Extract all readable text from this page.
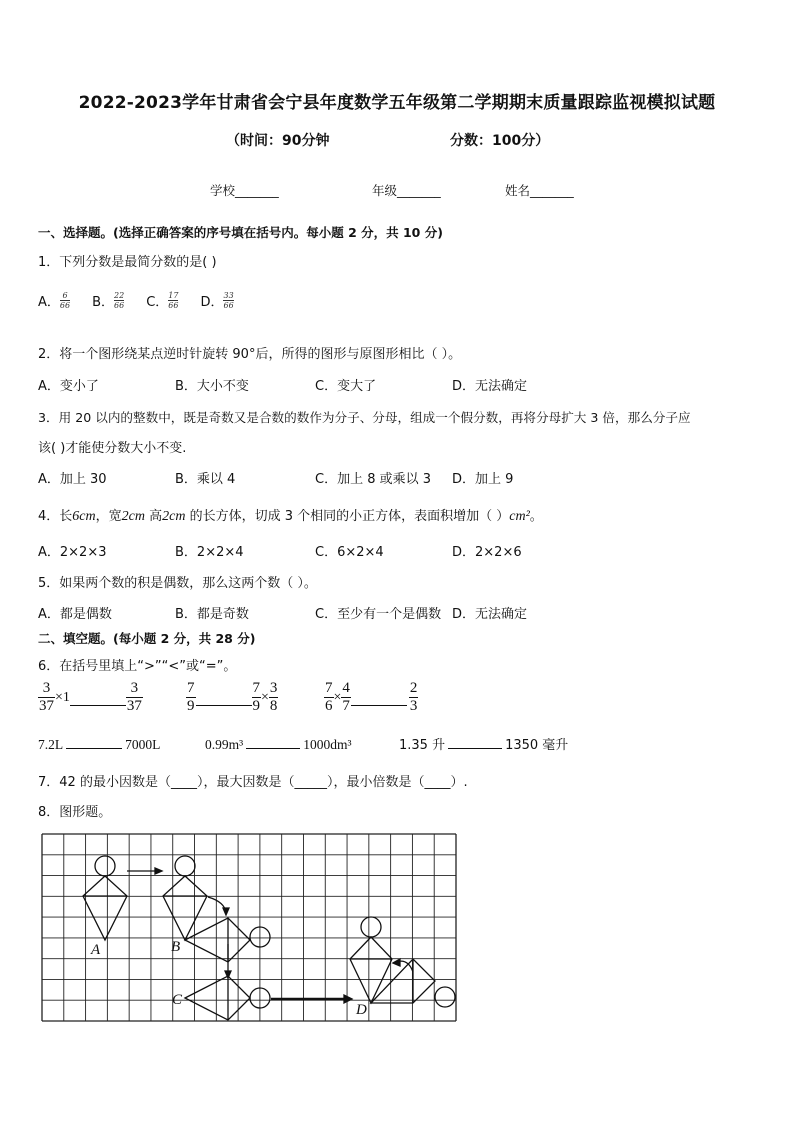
2022-2023学年甘肃省会宁县年度数学五年级第二学期期末质量跟踪监视模拟试题
（时间：90分钟	分数：100分）
学校_______	年级_______	姓名_______
一、选择题。(选择正确答案的序号填在括号内。每小题 2 分，共 10 分)
1．下列分数是最简分数的是( )
A． $\frac{6}{66}$ B． $\frac{22}{66}$ C． $\frac{17}{66}$ D． $\frac{33}{66}$
2．将一个图形绕某点逆时针旋转 90°后，所得的图形与原图形相比（ ）。
A．变小了	B．大小不变	C．变大了	D．无法确定
3．用 20 以内的整数中，既是奇数又是合数的数作为分子、分母，组成一个假分数，再将分母扩大 3 倍，那么分子应
该( )才能使分数大小不变.
A．加上 30	B．乘以 4	C．加上 8 或乘以 3 D．加上 9
4．长6cm，宽2cm 高2cm 的长方体，切成 3 个相同的小正方体，表面积增加（ ）cm²。
A．2×2×3	B．2×2×4	C．6×2×4	D．2×2×6
5．如果两个数的积是偶数，那么这两个数（ ）。
A．都是偶数	B．都是奇数	C．至少有一个是偶数 D．无法确定
二、填空题。(每小题 2 分，共 28 分)
6．在括号里填上“>”“<”或“=”。
$\frac{3}{37} \times 1$	$\frac{3}{37}$	$\frac{7}{9}$	$\frac{7}{9} \times \frac{3}{8}$	$\frac{7}{6} \times \frac{4}{7}$	$\frac{2}{3}$
7.2L	7000L	0.99m³	1000dm³	1.35 升	1350 毫升
7．42 的最小因数是（____），最大因数是（_____），最小倍数是（____）.
8．图形题。
A	B
C
D
